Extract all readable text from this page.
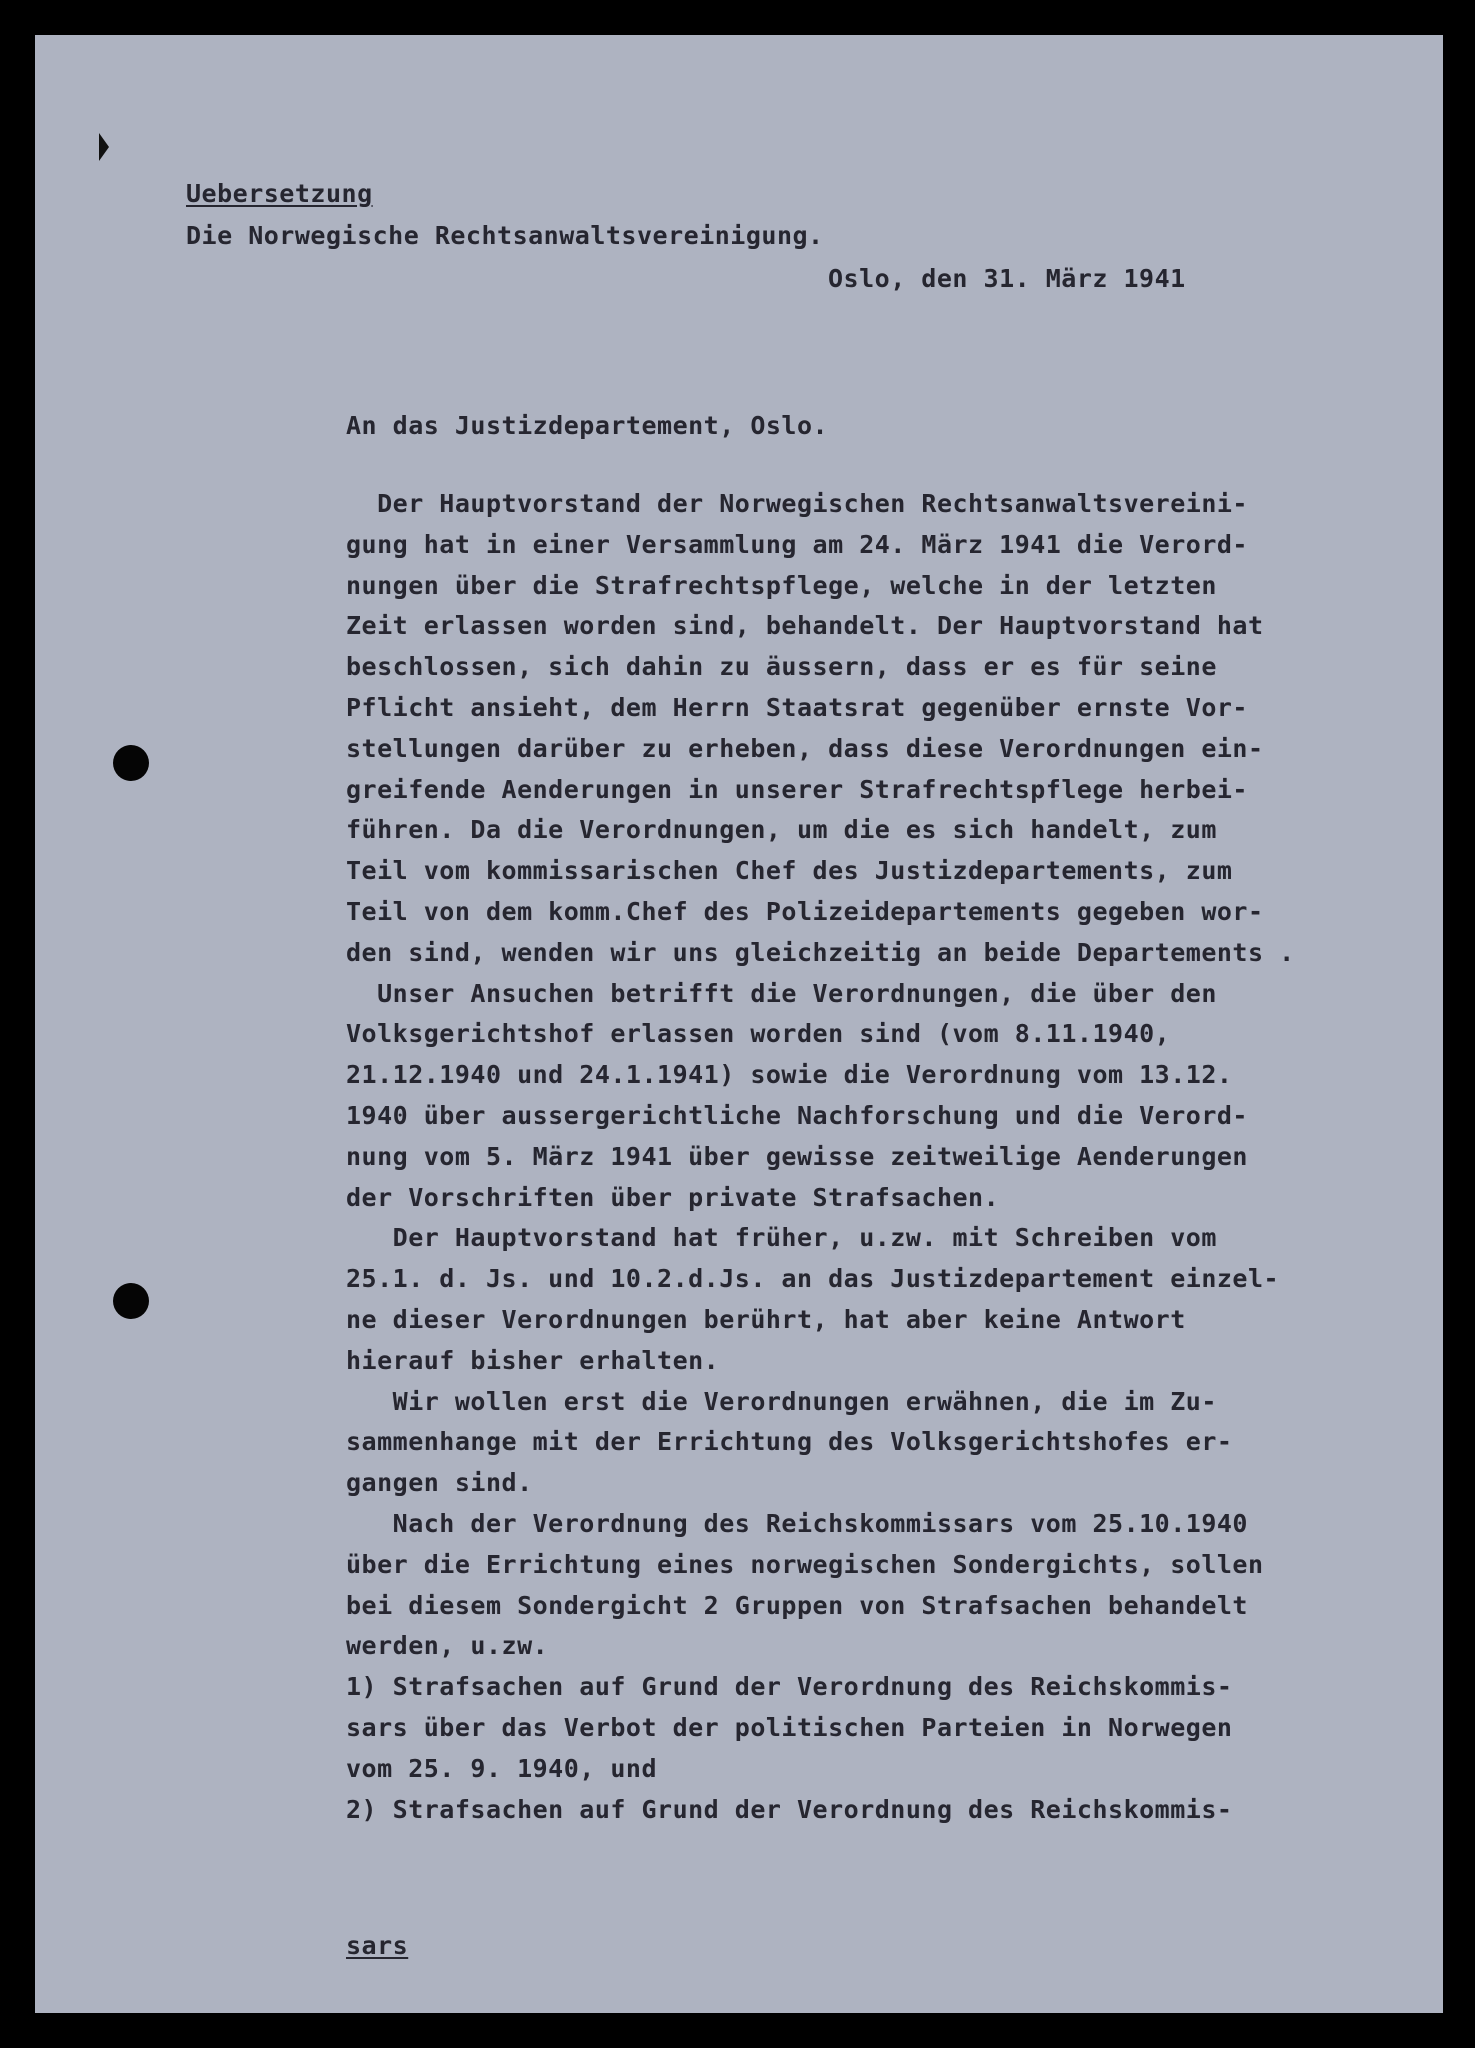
Uebersetzung

Die Norwegische Rechtsanwaltsvereinigung.

Oslo, den 31. März 1941

An das Justizdepartement, Oslo.

Der Hauptvorstand der Norwegischen Rechtsanwaltsvereini-

gung hat in einer Versammlung am 24. März 1941 die Verord-

nungen über die Strafrechtspflege, welche in der letzten

Zeit erlassen worden sind, behandelt. Der Hauptvorstand hat

beschlossen, sich dahin zu äussern, dass er es für seine

Pflicht ansieht, dem Herrn Staatsrat gegenüber ernste Vor-

stellungen darüber zu erheben, dass diese Verordnungen ein-

greifende Aenderungen in unserer Strafrechtspflege herbei-

führen. Da die Verordnungen, um die es sich handelt, zum

Teil vom kommissarischen Chef des Justizdepartements, zum

Teil von dem komm.Chef des Polizeidepartements gegeben wor-

den sind, wenden wir uns gleichzeitig an beide Departements .

Unser Ansuchen betrifft die Verordnungen, die über den

Volksgerichtshof erlassen worden sind (vom 8.11.1940,

21.12.1940 und 24.1.1941) sowie die Verordnung vom 13.12.

1940 über aussergerichtliche Nachforschung und die Verord-

nung vom 5. März 1941 über gewisse zeitweilige Aenderungen

der Vorschriften über private Strafsachen.

Der Hauptvorstand hat früher, u.zw. mit Schreiben vom

25.1. d. Js. und 10.2.d.Js. an das Justizdepartement einzel-

ne dieser Verordnungen berührt, hat aber keine Antwort

hierauf bisher erhalten.

Wir wollen erst die Verordnungen erwähnen, die im Zu-

sammenhange mit der Errichtung des Volksgerichtshofes er-

gangen sind.

Nach der Verordnung des Reichskommissars vom 25.10.1940

über die Errichtung eines norwegischen Sondergichts, sollen

bei diesem Sondergicht 2 Gruppen von Strafsachen behandelt

werden, u.zw.

1) Strafsachen auf Grund der Verordnung des Reichskommis-

sars über das Verbot der politischen Parteien in Norwegen

vom 25. 9. 1940, und

2) Strafsachen auf Grund der Verordnung des Reichskommis-

sars
